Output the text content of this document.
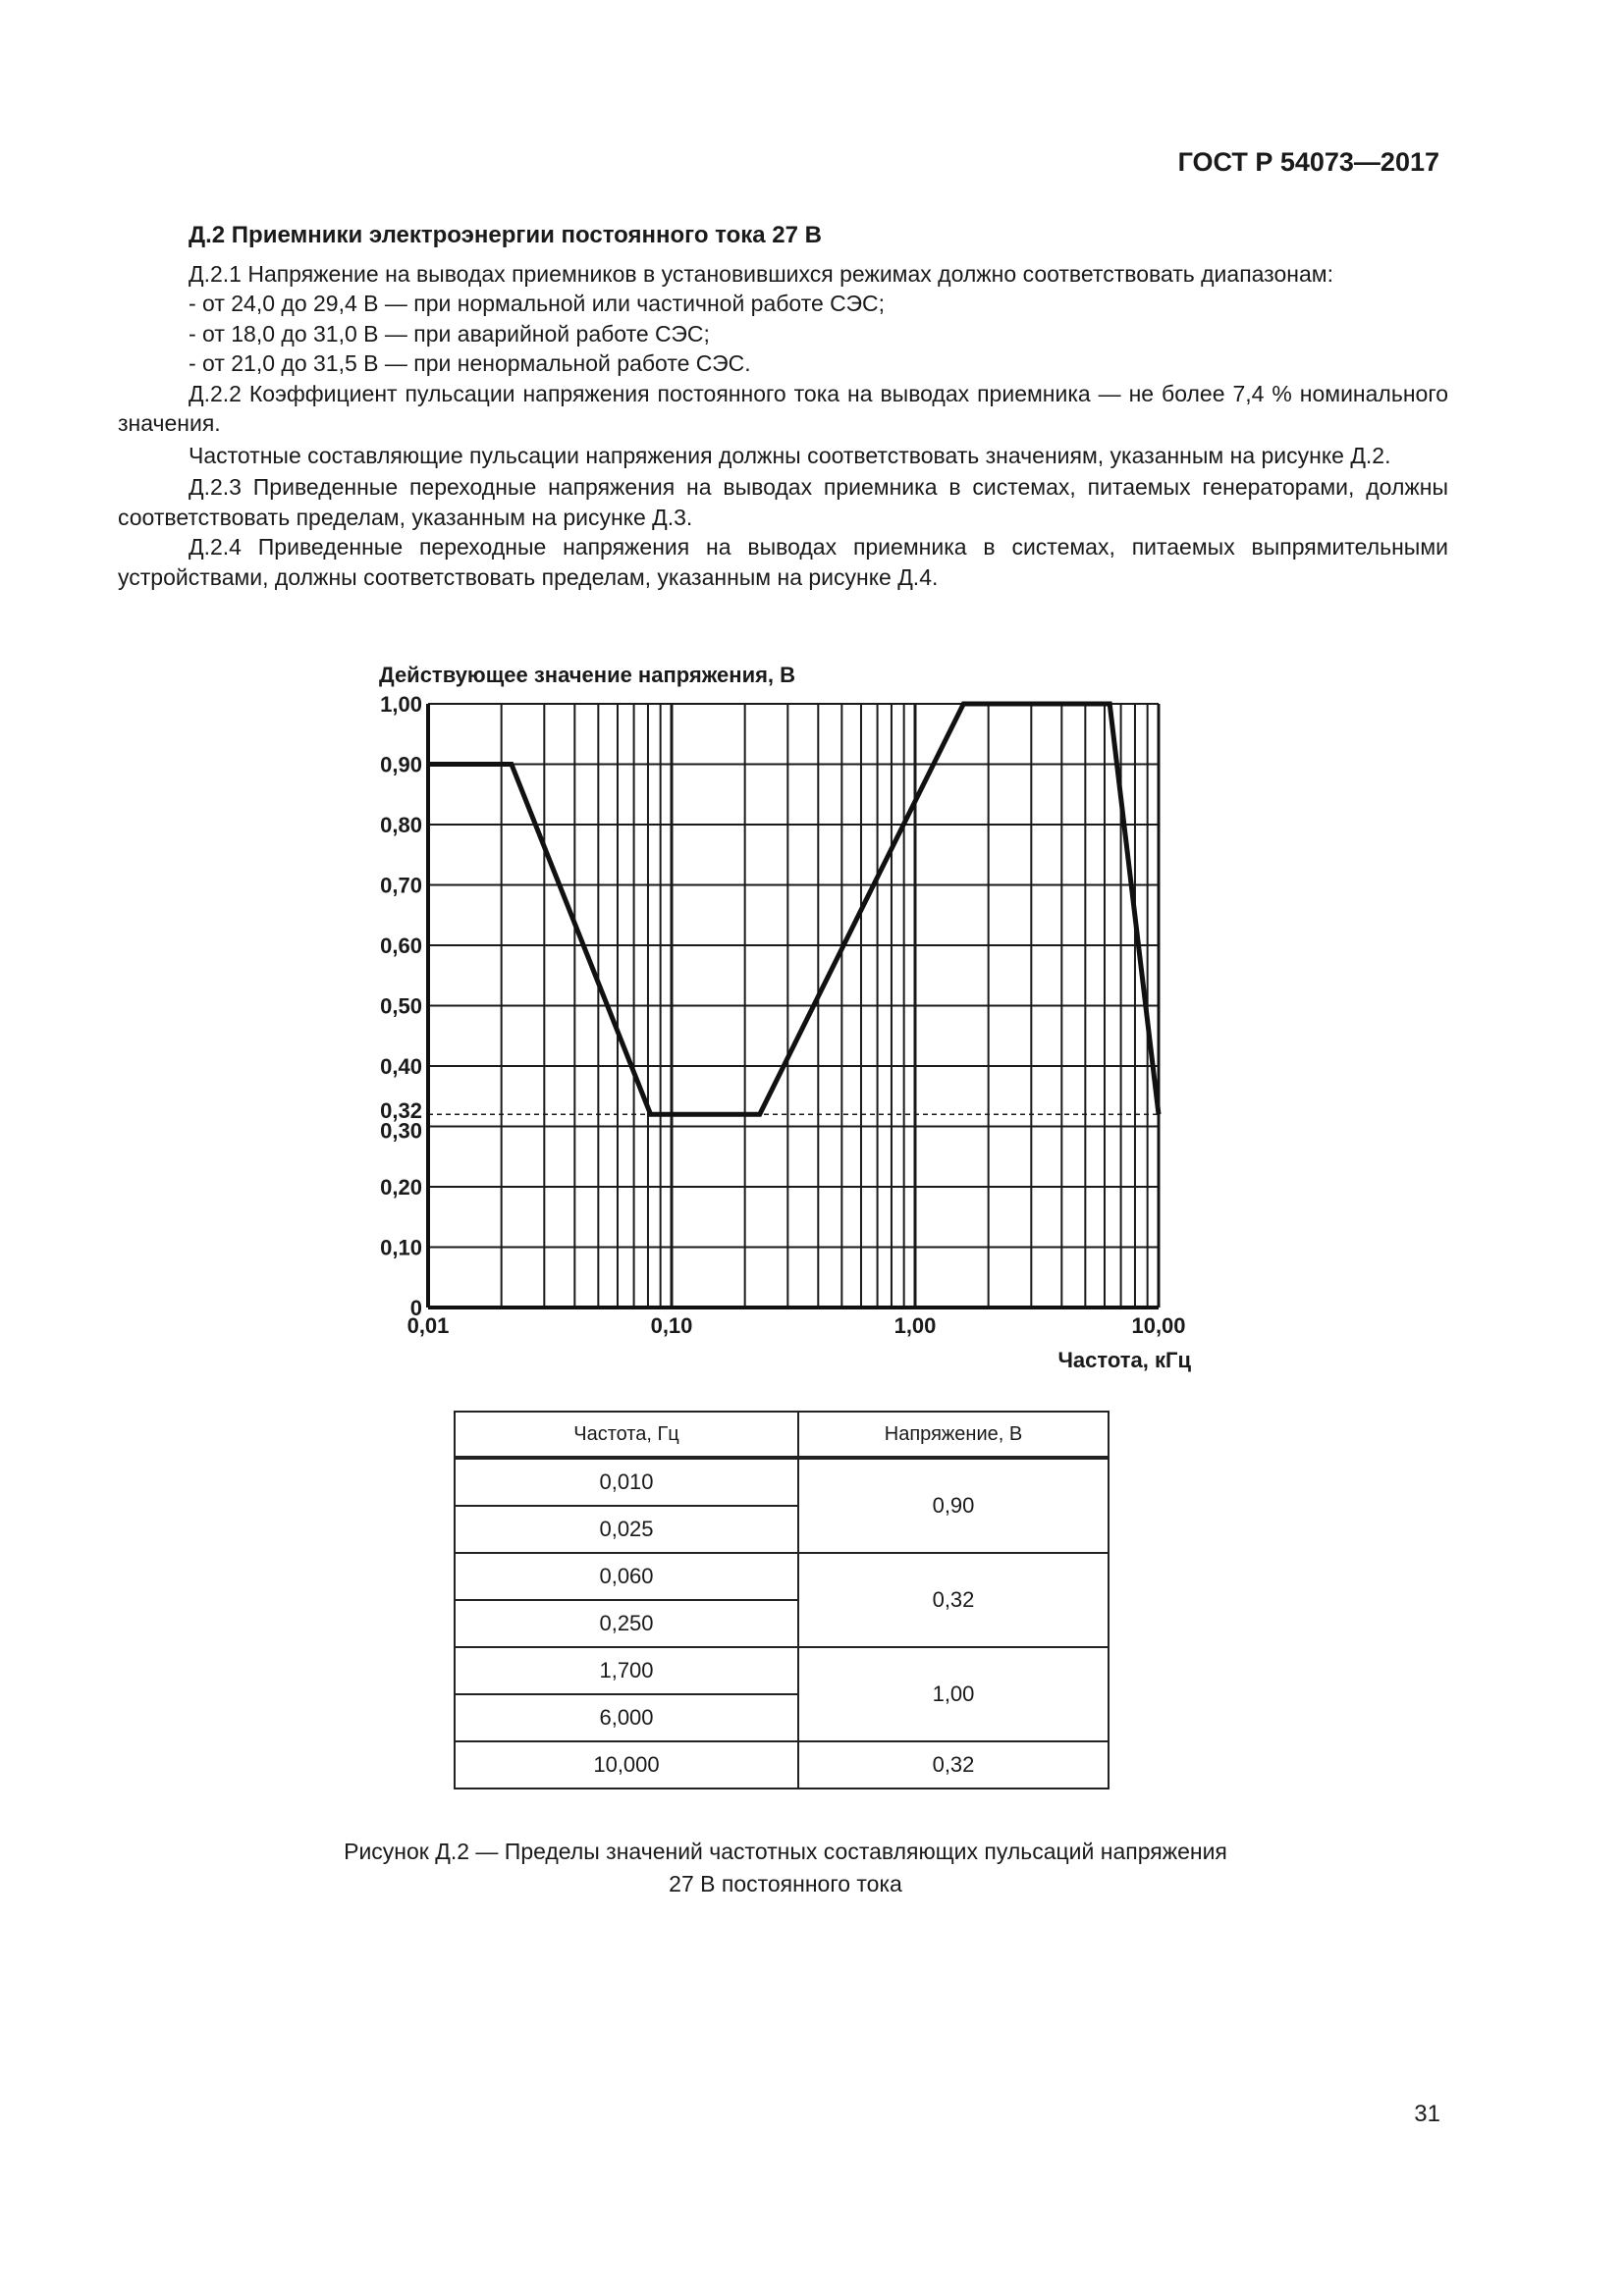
ГОСТ Р 54073—2017

Д.2 Приемники электроэнергии постоянного тока 27 В

Д.2.1 Напряжение на выводах приемников в установившихся режимах должно соответствовать диапазонам:

- от 24,0 до 29,4 В — при нормальной или частичной работе СЭС;

- от 18,0 до 31,0 В — при аварийной работе СЭС;

- от 21,0 до 31,5 В — при ненормальной работе СЭС.

Д.2.2 Коэффициент пульсации напряжения постоянного тока на выводах приемника — не более 7,4 % номинального значения.

Частотные составляющие пульсации напряжения должны соответствовать значениям, указанным на рисунке Д.2.

Д.2.3 Приведенные переходные напряжения на выводах приемника в системах, питаемых генераторами, должны соответствовать пределам, указанным на рисунке Д.3.

Д.2.4 Приведенные переходные напряжения на выводах приемника в системах, питаемых выпрямительными устройствами, должны соответствовать пределам, указанным на рисунке Д.4.

Действующее значение напряжения, В
0
0,10
0,20
0,30
0,32
0,40
0,50
0,60
0,70
0,80
0,90
1,00
0,01	0,10	1,00	10,00
Частота, кГц
Частота, Гц	Напряжение, В
0,010	0,90
0,025	
0,060	0,32
0,250	
1,700	1,00
6,000	
10,000	0,32
Рисунок Д.2 — Пределы значений частотных составляющих пульсаций напряжения
27 В постоянного тока
31
